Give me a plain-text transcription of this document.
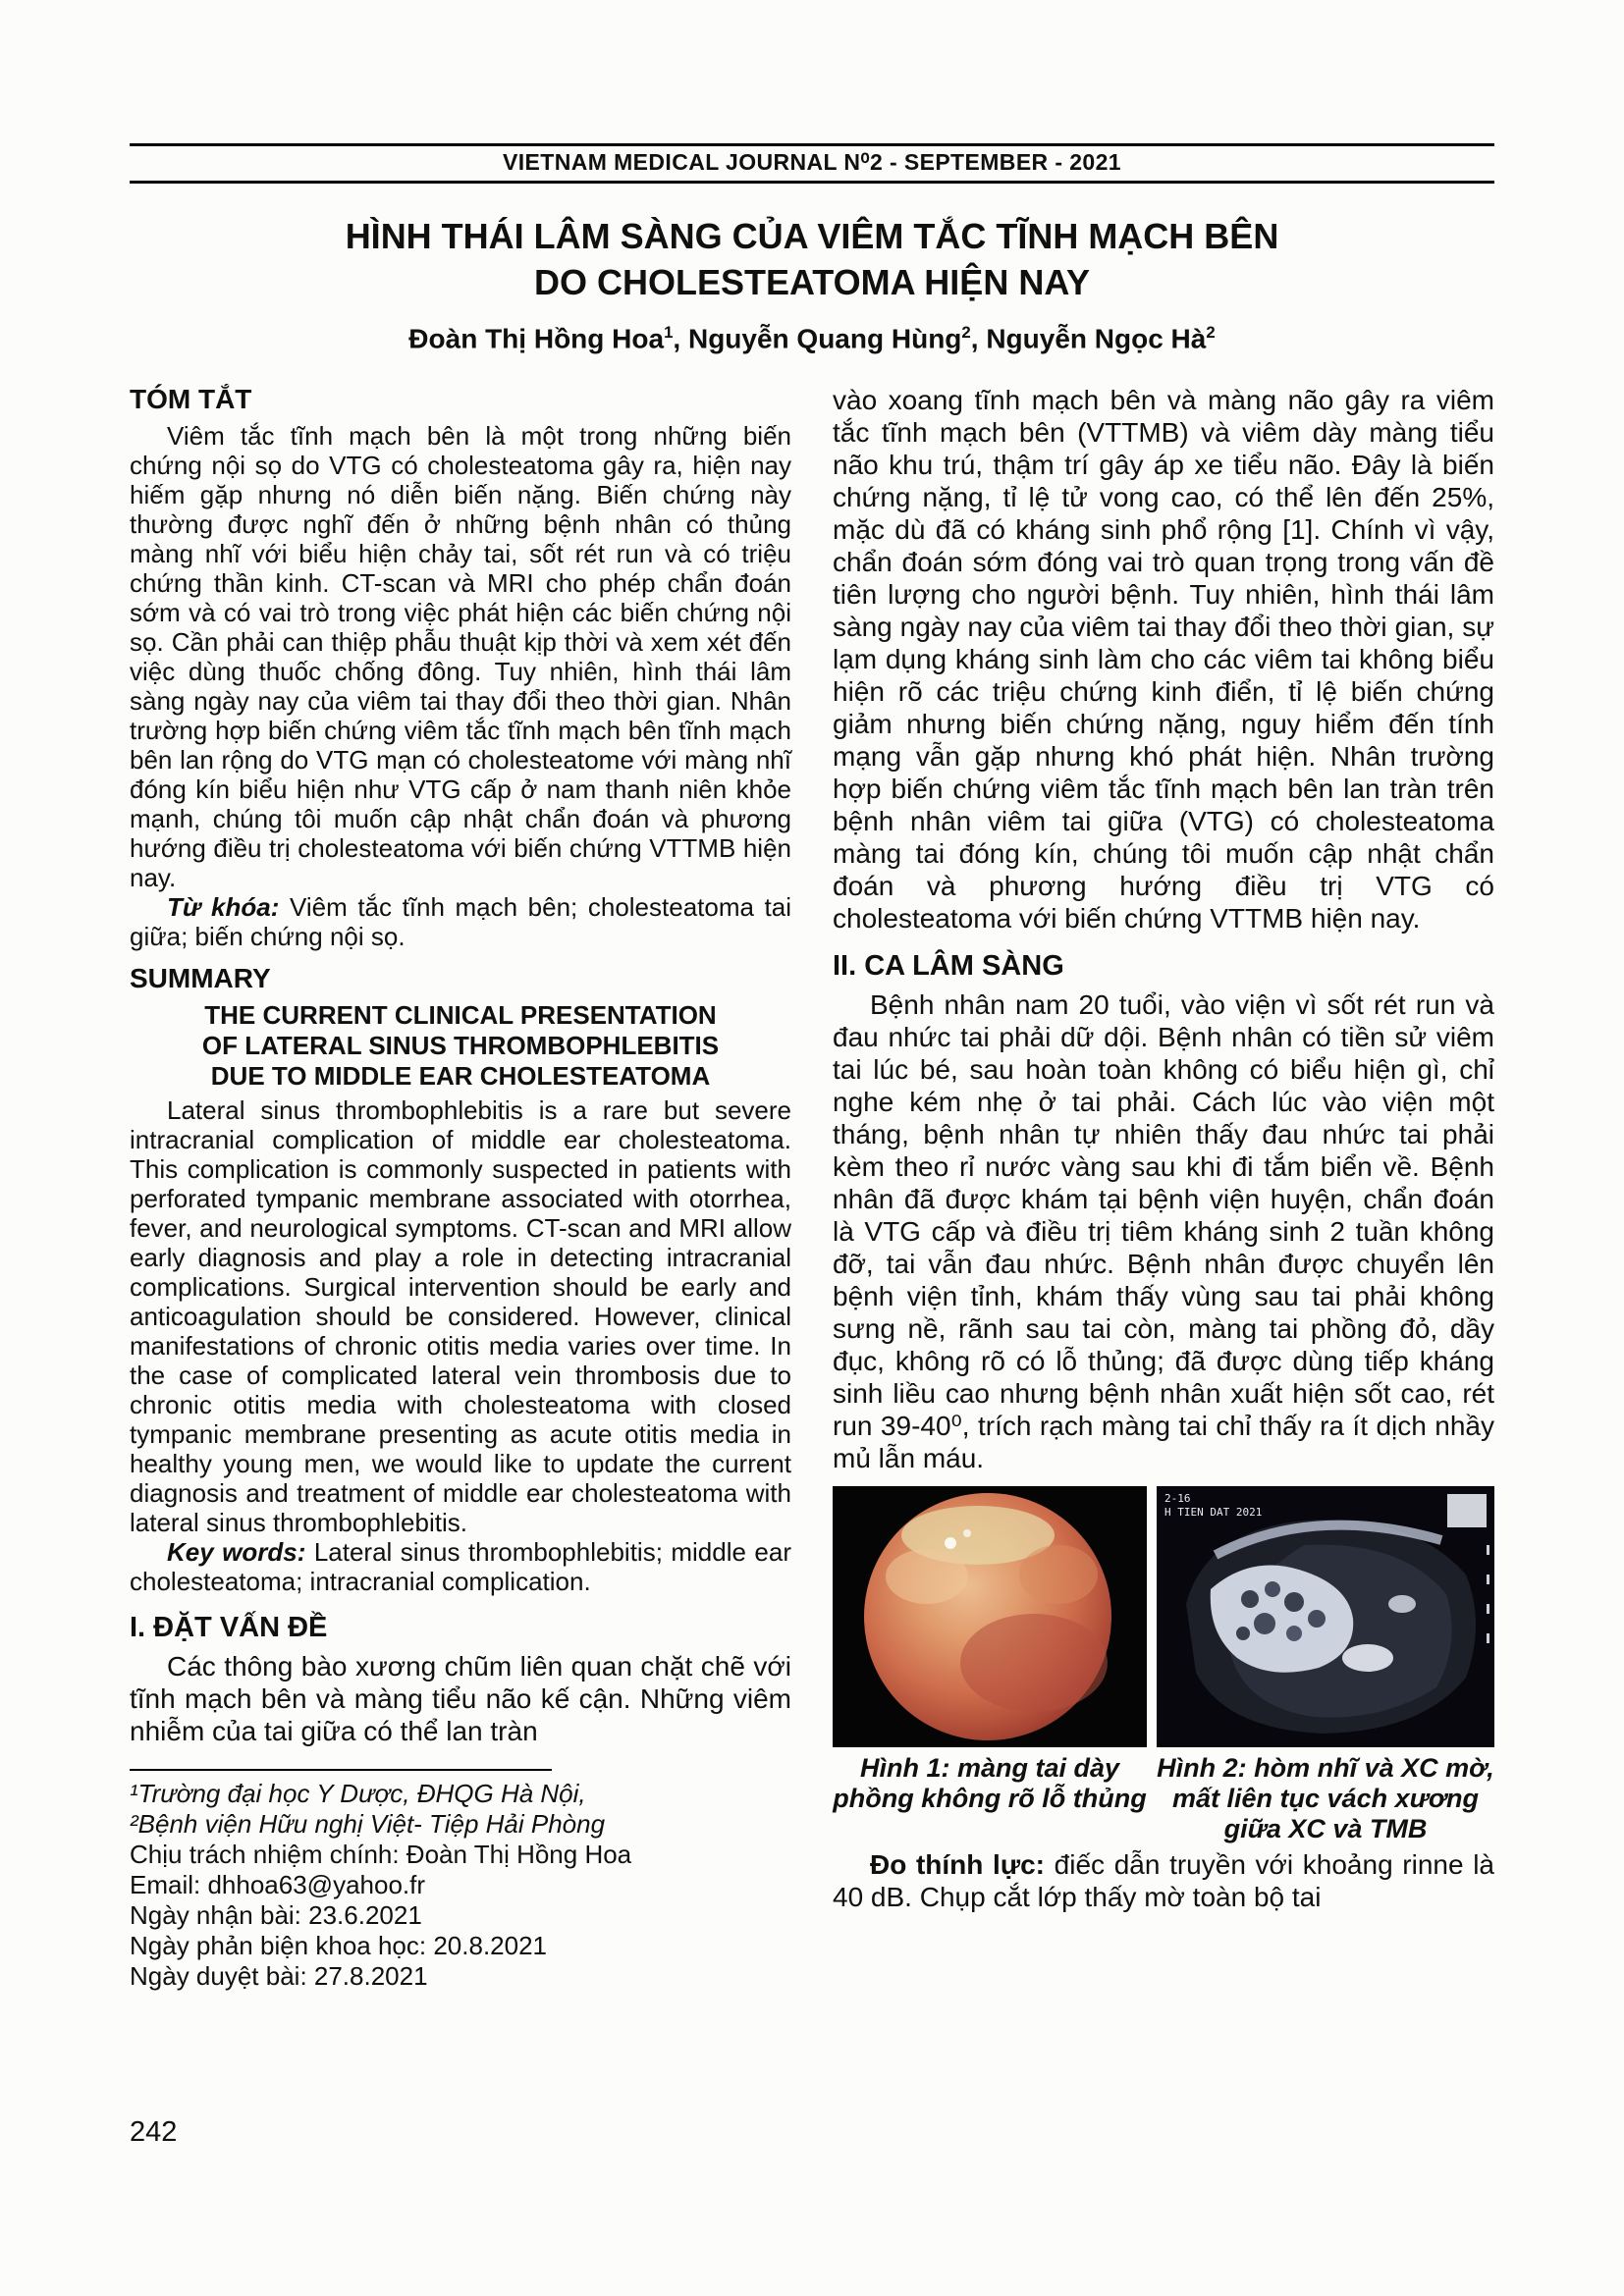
VIETNAM MEDICAL JOURNAL N⁰2 - SEPTEMBER - 2021
HÌNH THÁI LÂM SÀNG CỦA VIÊM TẮC TĨNH MẠCH BÊN
DO CHOLESTEATOMA HIỆN NAY
Đoàn Thị Hồng Hoa$^1$, Nguyễn Quang Hùng$^2$, Nguyễn Ngọc $Hà^2$
TÓM TẮT

Viêm tắc tĩnh mạch bên là một trong những biến chứng nội sọ do VTG có cholesteatoma gây ra, hiện nay hiếm gặp nhưng nó diễn biến nặng. Biến chứng này thường được nghĩ đến ở những bệnh nhân có thủng màng nhĩ với biểu hiện chảy tai, sốt rét run và có triệu chứng thần kinh. CT-scan và MRI cho phép chẩn đoán sớm và có vai trò trong việc phát hiện các biến chứng nội sọ. Cần phải can thiệp phẫu thuật kịp thời và xem xét đến việc dùng thuốc chống đông. Tuy nhiên, hình thái lâm sàng ngày nay của viêm tai thay đổi theo thời gian. Nhân trường hợp biến chứng viêm tắc tĩnh mạch bên tĩnh mạch bên lan rộng do VTG mạn có cholesteatome với màng nhĩ đóng kín biểu hiện như VTG cấp ở nam thanh niên khỏe mạnh, chúng tôi muốn cập nhật chẩn đoán và phương hướng điều trị cholesteatoma với biến chứng VTTMB hiện nay.

Từ khóa: Viêm tắc tĩnh mạch bên; cholesteatoma tai giữa; biến chứng nội sọ.

SUMMARY
THE CURRENT CLINICAL PRESENTATION
OF LATERAL SINUS THROMBOPHLEBITIS
DUE TO MIDDLE EAR CHOLESTEATOMA

Lateral sinus thrombophlebitis is a rare but severe intracranial complication of middle ear cholesteatoma. This complication is commonly suspected in patients with perforated tympanic membrane associated with otorrhea, fever, and neurological symptoms. CT-scan and MRI allow early diagnosis and play a role in detecting intracranial complications. Surgical intervention should be early and anticoagulation should be considered. However, clinical manifestations of chronic otitis media varies over time. In the case of complicated lateral vein thrombosis due to chronic otitis media with cholesteatoma with closed tympanic membrane presenting as acute otitis media in healthy young men, we would like to update the current diagnosis and treatment of middle ear cholesteatoma with lateral sinus thrombophlebitis.

Key words: Lateral sinus thrombophlebitis; middle ear cholesteatoma; intracranial complication.

I. ĐẶT VẤN ĐỀ

Các thông bào xương chũm liên quan chặt chẽ với tĩnh mạch bên và màng tiểu não kế cận. Những viêm nhiễm của tai giữa có thể lan tràn

¹Trường đại học Y Dược, ĐHQG Hà Nội,
²Bệnh viện Hữu nghị Việt- Tiệp Hải Phòng
Chịu trách nhiệm chính: Đoàn Thị Hồng Hoa
Email: dhhoa63@yahoo.fr
Ngày nhận bài: 23.6.2021
Ngày phản biện khoa học: 20.8.2021
Ngày duyệt bài: 27.8.2021

vào xoang tĩnh mạch bên và màng não gây ra viêm tắc tĩnh mạch bên (VTTMB) và viêm dày màng tiểu não khu trú, thậm trí gây áp xe tiểu não. Đây là biến chứng nặng, tỉ lệ tử vong cao, có thể lên đến 25%, mặc dù đã có kháng sinh phổ rộng [1]. Chính vì vậy, chẩn đoán sớm đóng vai trò quan trọng trong vấn đề tiên lượng cho người bệnh. Tuy nhiên, hình thái lâm sàng ngày nay của viêm tai thay đổi theo thời gian, sự lạm dụng kháng sinh làm cho các viêm tai không biểu hiện rõ các triệu chứng kinh điển, tỉ lệ biến chứng giảm nhưng biến chứng nặng, nguy hiểm đến tính mạng vẫn gặp nhưng khó phát hiện. Nhân trường hợp biến chứng viêm tắc tĩnh mạch bên lan tràn trên bệnh nhân viêm tai giữa (VTG) có cholesteatoma màng tai đóng kín, chúng tôi muốn cập nhật chẩn đoán và phương hướng điều trị VTG có cholesteatoma với biến chứng VTTMB hiện nay.

II. CA LÂM SÀNG

Bệnh nhân nam 20 tuổi, vào viện vì sốt rét run và đau nhức tai phải dữ dội. Bệnh nhân có tiền sử viêm tai lúc bé, sau hoàn toàn không có biểu hiện gì, chỉ nghe kém nhẹ ở tai phải. Cách lúc vào viện một tháng, bệnh nhân tự nhiên thấy đau nhức tai phải kèm theo rỉ nước vàng sau khi đi tắm biển về. Bệnh nhân đã được khám tại bệnh viện huyện, chẩn đoán là VTG cấp và điều trị tiêm kháng sinh 2 tuần không đỡ, tai vẫn đau nhức. Bệnh nhân được chuyển lên bệnh viện tỉnh, khám thấy vùng sau tai phải không sưng nề, rãnh sau tai còn, màng tai phồng đỏ, dầy đục, không rõ có lỗ thủng; đã được dùng tiếp kháng sinh liều cao nhưng bệnh nhân xuất hiện sốt cao, rét run 39-40⁰, trích rạch màng tai chỉ thấy ra ít dịch nhầy mủ lẫn máu.

2-16
H TIEN DAT 2021
Hình 1: màng tai dày phồng không rõ lỗ thủng
Hình 2: hòm nhĩ và XC mờ, mất liên tục vách xương giữa XC và TMB

Đo thính lực: điếc dẫn truyền với khoảng rinne là 40 dB. Chụp cắt lớp thấy mờ toàn bộ tai

242
